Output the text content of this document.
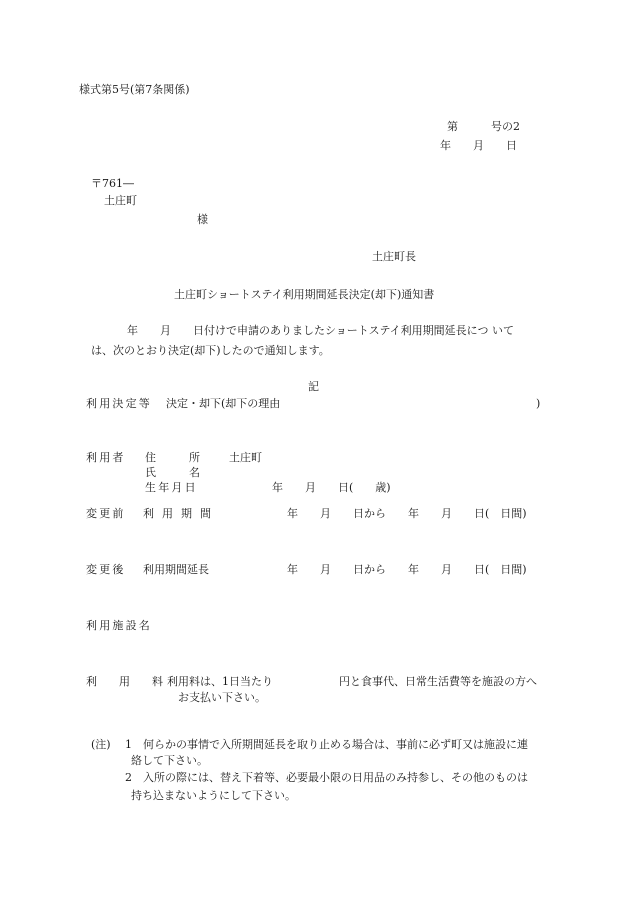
様式第5号(第7条関係)
第　　　号の2
年　　月　　日
〒761―
土庄町
様
土庄町長
土庄町ショートステイ利用期間延長決定(却下)通知書
年　　月　　日付けで申請のありましたショートステイ利用期間延長につ いて
は、次のとおり決定(却下)したので通知します。
記
利用決定等 決定・却下(却下の理由	)
利用者 住　　　所	土庄町
氏　　　名
生年月日	年　　月　　日(　　歳)
変更前 利用期間	年　　月　　日から　　年　　月　　日(　日間)
変更後 利用期間延長	年　　月　　日から　　年　　月　　日(　日間)
利用施設名
利　　用　　料 利用料は、1日当たり　　　　　　円と食事代、日常生活費等を施設の方へ
お支払い下さい。
(注) 1 何らかの事情で入所期間延長を取り止める場合は、事前に必ず町又は施設に連
絡して下さい。
2 入所の際には、替え下着等、必要最小限の日用品のみ持参し、その他のものは
持ち込まないようにして下さい。
